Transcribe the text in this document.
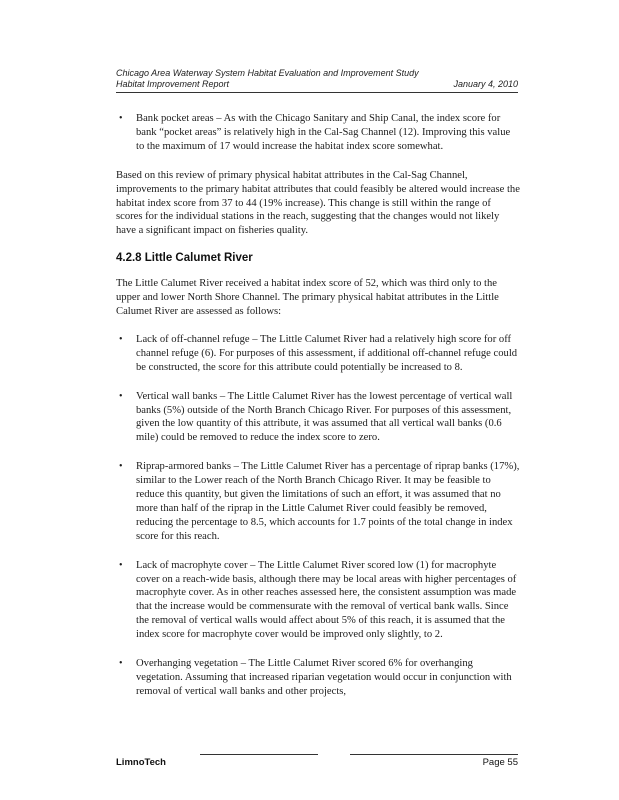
Chicago Area Waterway System Habitat Evaluation and Improvement Study
Habitat Improvement Report	January 4, 2010
• Bank pocket areas – As with the Chicago Sanitary and Ship Canal, the index score for bank “pocket areas” is relatively high in the Cal-Sag Channel (12). Improving this value to the maximum of 17 would increase the habitat index score somewhat.

Based on this review of primary physical habitat attributes in the Cal-Sag Channel, improvements to the primary habitat attributes that could feasibly be altered would increase the habitat index score from 37 to 44 (19% increase). This change is still within the range of scores for the individual stations in the reach, suggesting that the changes would not likely have a significant impact on fisheries quality.

4.2.8 Little Calumet River

The Little Calumet River received a habitat index score of 52, which was third only to the upper and lower North Shore Channel. The primary physical habitat attributes in the Little Calumet River are assessed as follows:

• Lack of off-channel refuge – The Little Calumet River had a relatively high score for off channel refuge (6). For purposes of this assessment, if additional off-channel refuge could be constructed, the score for this attribute could potentially be increased to 8.
• Vertical wall banks – The Little Calumet River has the lowest percentage of vertical wall banks (5%) outside of the North Branch Chicago River. For purposes of this assessment, given the low quantity of this attribute, it was assumed that all vertical wall banks (0.6 mile) could be removed to reduce the index score to zero.
• Riprap-armored banks – The Little Calumet River has a percentage of riprap banks (17%), similar to the Lower reach of the North Branch Chicago River. It may be feasible to reduce this quantity, but given the limitations of such an effort, it was assumed that no more than half of the riprap in the Little Calumet River could feasibly be removed, reducing the percentage to 8.5, which accounts for 1.7 points of the total change in index score for this reach.
• Lack of macrophyte cover – The Little Calumet River scored low (1) for macrophyte cover on a reach-wide basis, although there may be local areas with higher percentages of macrophyte cover. As in other reaches assessed here, the consistent assumption was made that the increase would be commensurate with the removal of vertical bank walls. Since the removal of vertical walls would affect about 5% of this reach, it is assumed that the index score for macrophyte cover would be improved only slightly, to 2.
• Overhanging vegetation – The Little Calumet River scored 6% for overhanging vegetation. Assuming that increased riparian vegetation would occur in conjunction with removal of vertical wall banks and other projects,
LimnoTech	Page 55
